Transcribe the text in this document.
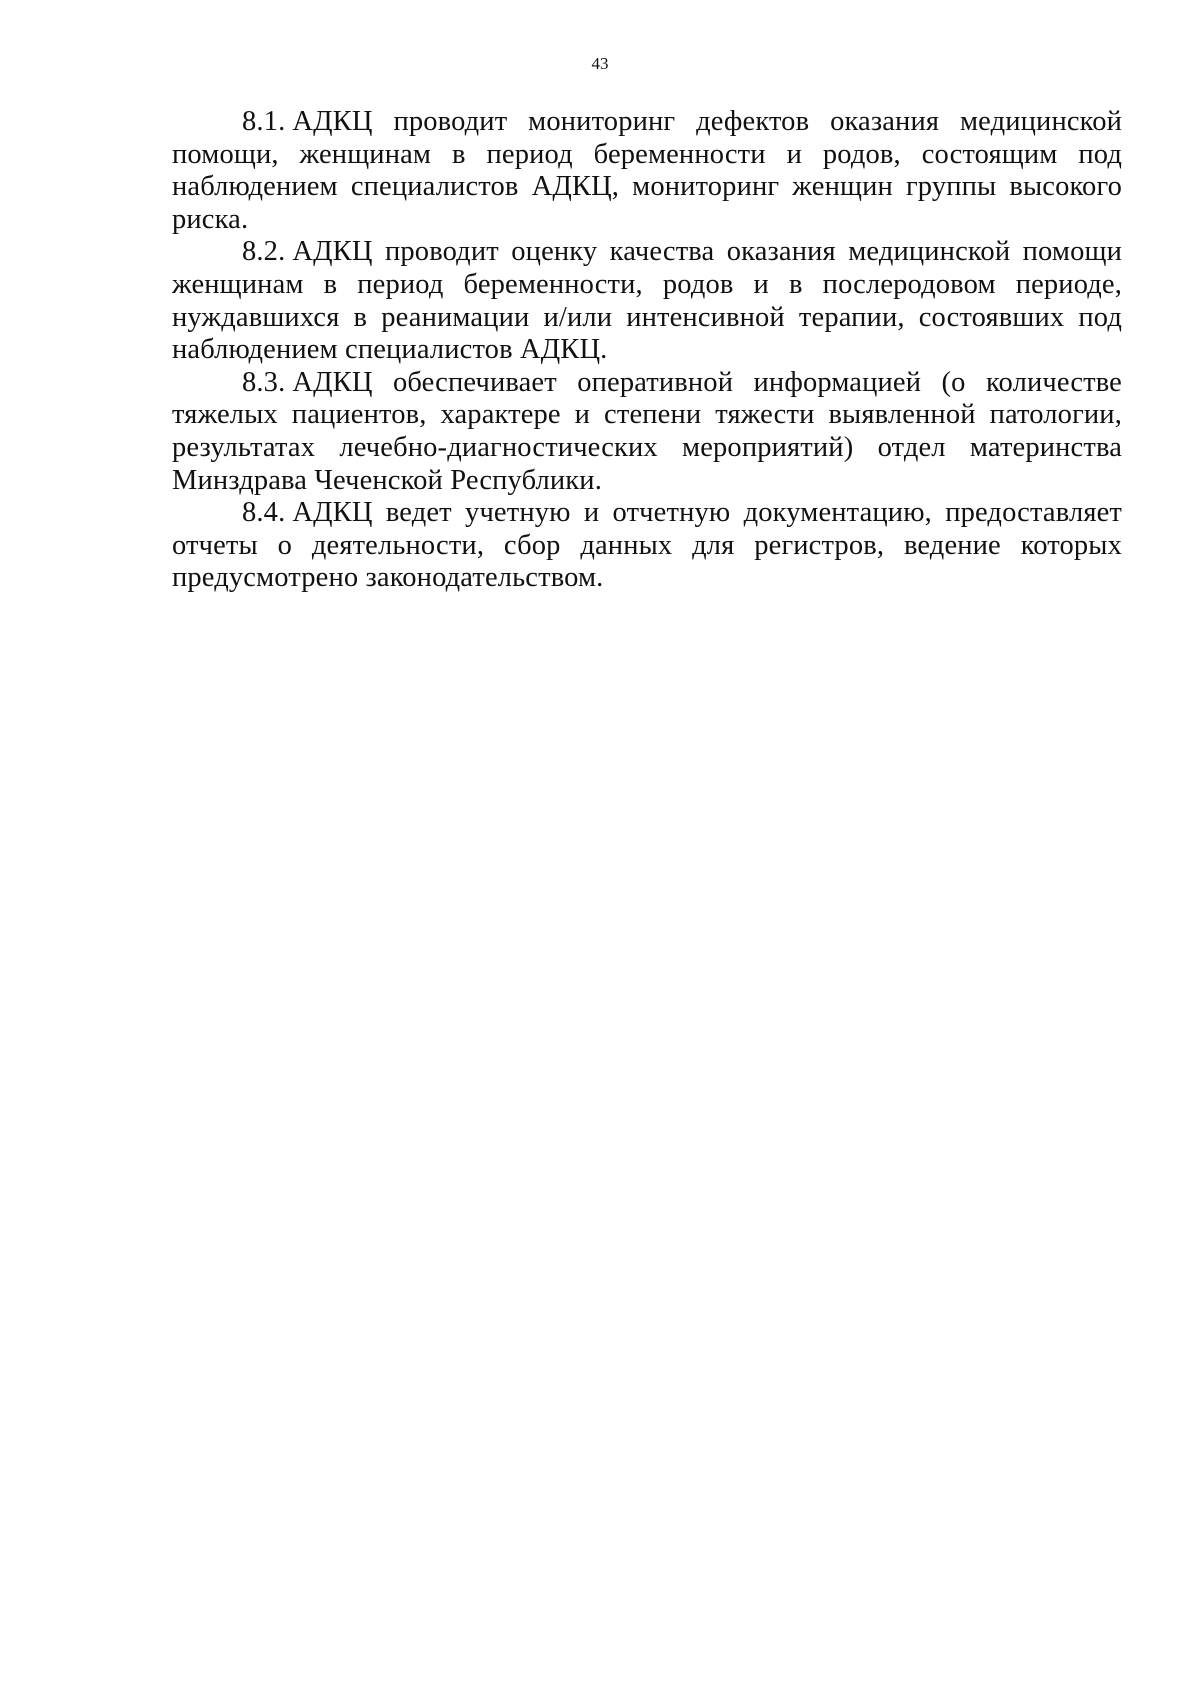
43

8.1. АДКЦ проводит мониторинг дефектов оказания медицинской помощи, женщинам в период беременности и родов, состоящим под наблюдением специалистов АДКЦ, мониторинг женщин группы высокого риска.

8.2. АДКЦ проводит оценку качества оказания медицинской помощи женщинам в период беременности, родов и в послеродовом периоде, нуждавшихся в реанимации и/или интенсивной терапии, состоявших под наблюдением специалистов АДКЦ.

8.3. АДКЦ обеспечивает оперативной информацией (о количестве тяжелых пациентов, характере и степени тяжести выявленной патологии, результатах лечебно-диагностических мероприятий) отдел материнства Минздрава Чеченской Республики.

8.4. АДКЦ ведет учетную и отчетную документацию, предоставляет отчеты о деятельности, сбор данных для регистров, ведение которых предусмотрено законодательством.
